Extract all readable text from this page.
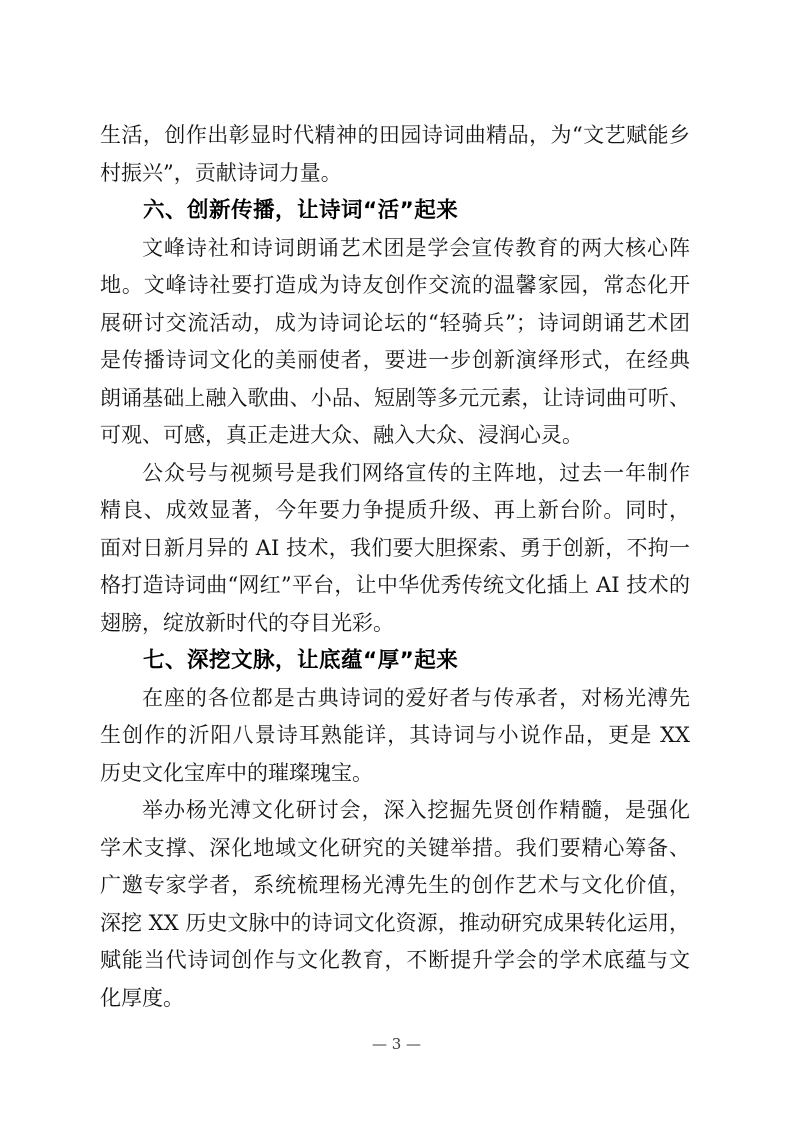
生活，创作出彰显时代精神的田园诗词曲精品，为“文艺赋能乡
村振兴”，贡献诗词力量。
六、创新传播，让诗词“活”起来
文峰诗社和诗词朗诵艺术团是学会宣传教育的两大核心阵
地。文峰诗社要打造成为诗友创作交流的温馨家园，常态化开
展研讨交流活动，成为诗词论坛的“轻骑兵”；诗词朗诵艺术团
是传播诗词文化的美丽使者，要进一步创新演绎形式，在经典
朗诵基础上融入歌曲、小品、短剧等多元元素，让诗词曲可听、
可观、可感，真正走进大众、融入大众、浸润心灵。
公众号与视频号是我们网络宣传的主阵地，过去一年制作
精良、成效显著，今年要力争提质升级、再上新台阶。同时，
面对日新月异的 AI 技术，我们要大胆探索、勇于创新，不拘一
格打造诗词曲“网红”平台，让中华优秀传统文化插上 AI 技术的
翅膀，绽放新时代的夺目光彩。
七、深挖文脉，让底蕴“厚”起来
在座的各位都是古典诗词的爱好者与传承者，对杨光溥先
生创作的沂阳八景诗耳熟能详，其诗词与小说作品，更是 XX
历史文化宝库中的璀璨瑰宝。
举办杨光溥文化研讨会，深入挖掘先贤创作精髓，是强化
学术支撑、深化地域文化研究的关键举措。我们要精心筹备、
广邀专家学者，系统梳理杨光溥先生的创作艺术与文化价值，
深挖 XX 历史文脉中的诗词文化资源，推动研究成果转化运用，
赋能当代诗词创作与文化教育，不断提升学会的学术底蕴与文
化厚度。
— 3 —
